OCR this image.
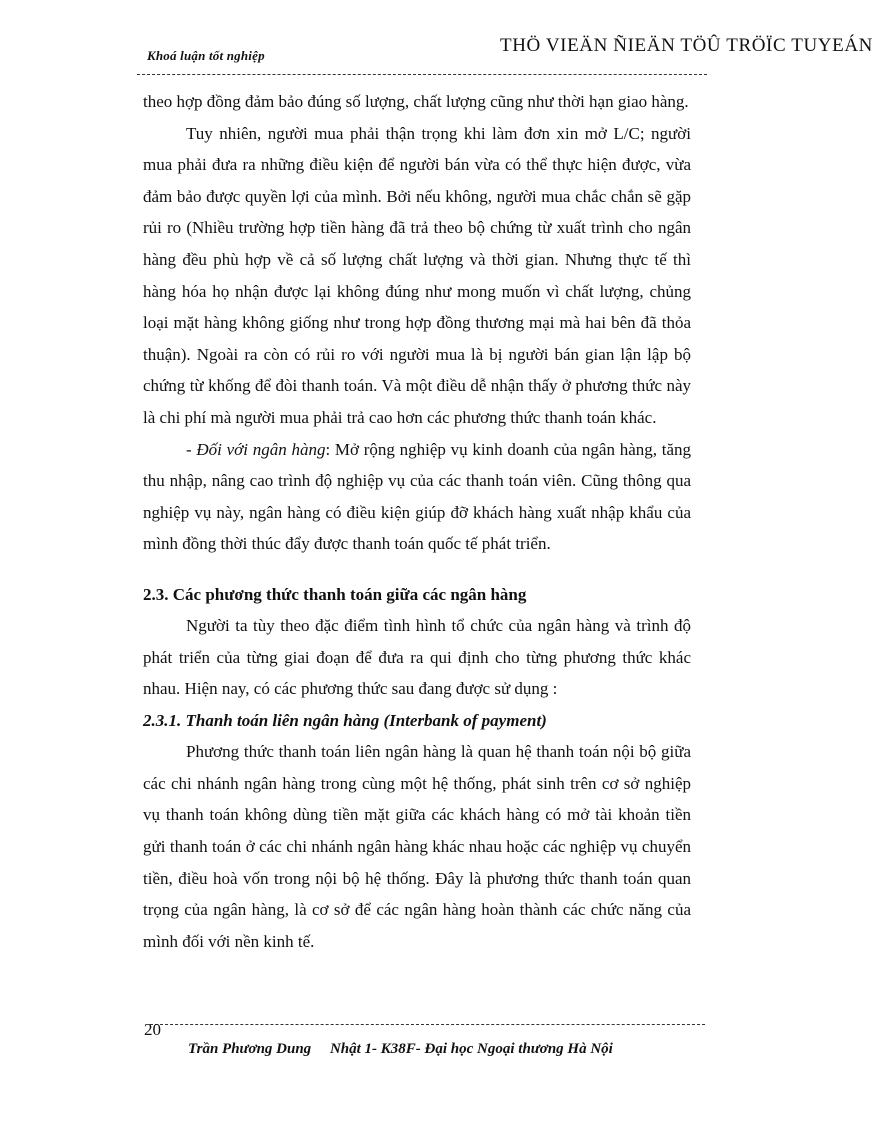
Khoá luận tốt nghiệp	THÖ VIEÄN ÑIEÄN TÖÛ TRÖÏC TUYEÁN

theo hợp đồng đảm bảo đúng số lượng, chất lượng cũng như thời hạn giao hàng.

Tuy nhiên, người mua phải thận trọng khi làm đơn xin mở L/C; người mua phải đưa ra những điều kiện để người bán vừa có thể thực hiện được, vừa đảm bảo được quyền lợi của mình. Bởi nếu không, người mua chắc chắn sẽ gặp rủi ro (Nhiều trường hợp tiền hàng đã trả theo bộ chứng từ xuất trình cho ngân hàng đều phù hợp về cả số lượng chất lượng và thời gian. Nhưng thực tế thì hàng hóa họ nhận được lại không đúng như mong muốn vì chất lượng, chủng loại mặt hàng không giống như trong hợp đồng thương mại mà hai bên đã thỏa thuận). Ngoài ra còn có rủi ro với người mua là bị người bán gian lận lập bộ chứng từ khống để đòi thanh toán. Và một điều dễ nhận thấy ở phương thức này là chi phí mà người mua phải trả cao hơn các phương thức thanh toán khác.

- Đối với ngân hàng: Mở rộng nghiệp vụ kinh doanh của ngân hàng, tăng thu nhập, nâng cao trình độ nghiệp vụ của các thanh toán viên. Cũng thông qua nghiệp vụ này, ngân hàng có điều kiện giúp đỡ khách hàng xuất nhập khẩu của mình đồng thời thúc đẩy được thanh toán quốc tế phát triển.

2.3. Các phương thức thanh toán giữa các ngân hàng

Người ta tùy theo đặc điểm tình hình tổ chức của ngân hàng và trình độ phát triển của từng giai đoạn để đưa ra qui định cho từng phương thức khác nhau. Hiện nay, có các phương thức sau đang được sử dụng :

2.3.1. Thanh toán liên ngân hàng (Interbank of payment)

Phương thức thanh toán liên ngân hàng là quan hệ thanh toán nội bộ giữa các chi nhánh ngân hàng trong cùng một hệ thống, phát sinh trên cơ sở nghiệp vụ thanh toán không dùng tiền mặt giữa các khách hàng có mở tài khoản tiền gửi thanh toán ở các chi nhánh ngân hàng khác nhau hoặc các nghiệp vụ chuyển tiền, điều hoà vốn trong nội bộ hệ thống. Đây là phương thức thanh toán quan trọng của ngân hàng, là cơ sở để các ngân hàng hoàn thành các chức năng của mình đối với nền kinh tế.

20
Trần Phương Dung Nhật 1- K38F- Đại học Ngoại thương Hà Nội
